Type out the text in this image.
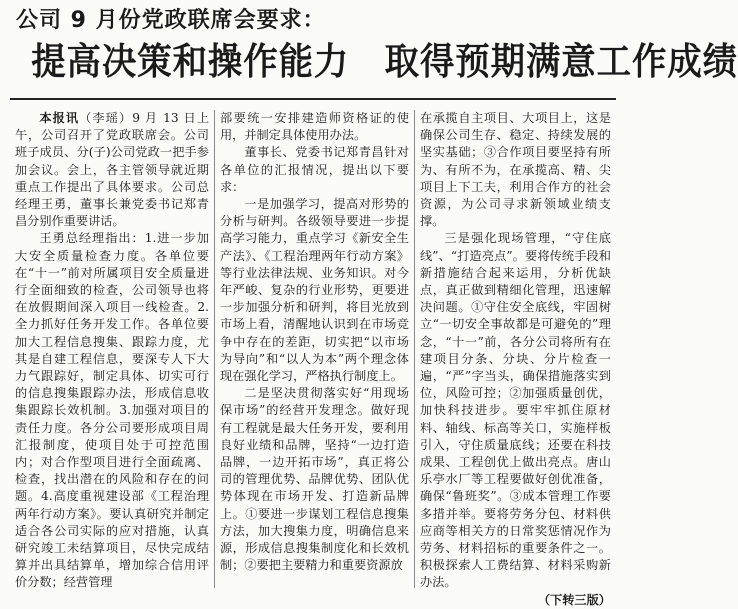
公司 9 月份党政联席会要求：
提高决策和操作能力　取得预期满意工作成绩

本报讯（李瑶）9 月 13 日上午，公司召开了党政联席会。公司班子成员、分(子)公司党政一把手参加会议。会上，各主管领导就近期重点工作提出了具体要求。公司总经理王勇，董事长兼党委书记郑青昌分别作重要讲话。

王勇总经理指出：1.进一步加大安全质量检查力度。各单位要在“十一”前对所属项目安全质量进行全面细致的检查，公司领导也将在放假期间深入项目一线检查。2.全力抓好任务开发工作。各单位要加大工程信息搜集、跟踪力度，尤其是自建工程信息，要深专人下大力气跟踪好，制定具体、切实可行的信息搜集跟踪办法，形成信息收集跟踪长效机制。3.加强对项目的责任力度。各分公司要形成项目周汇报制度，使项目处于可控范围内；对合作型项目进行全面疏离、检查，找出潜在的风险和存在的问题。4.高度重视建设部《工程治理两年行动方案》。要认真研究并制定适合各公司实际的应对措施，认真研究竣工未结算项目，尽快完成结算并出具结算单，增加综合信用评价分数；经营管理

部要统一安排建造师资格证的使用，并制定具体使用办法。

董事长、党委书记郑青昌针对各单位的汇报情况，提出以下要求：

一是加强学习，提高对形势的分析与研判。各级领导要进一步提高学习能力，重点学习《新安全生产法》、《工程治理两年行动方案》等行业法律法规、业务知识。对今年严峻、复杂的行业形势，更要进一步加强分析和研判，将目光放到市场上看，清醒地认识到在市场竞争中存在的差距，切实把“以市场为导向”和“以人为本”两个理念体现在强化学习，严格执行制度上。

二是坚决贯彻落实好“用现场保市场”的经营开发理念。做好现有工程就是最大任务开发，要利用良好业绩和品牌，坚持“一边打造品牌，一边开拓市场”，真正将公司的管理优势、品牌优势、团队优势体现在市场开发、打造新品牌上。①要进一步谋划工程信息搜集方法，加大搜集力度，明确信息来源，形成信息搜集制度化和长效机制；②要把主要精力和重要资源放

在承揽自主项目、大项目上，这是确保公司生存、稳定、持续发展的坚实基础；③合作项目要坚持有所为、有所不为，在承揽高、精、尖项目上下工夫，利用合作方的社会资源，为公司寻求新领域业绩支撑。

三是强化现场管理，“守住底线”、“打造亮点”。要将传统手段和新措施结合起来运用，分析优缺点，真正做到精细化管理，迅速解决问题。①守住安全底线，牢固树立“一切安全事故都是可避免的”理念，“十一”前，各分公司将所有在建项目分条、分块、分片检查一遍，“严”字当头，确保措施落实到位，风险可控；②加强质量创优，加快科技进步。要牢牢抓住原材料、轴线、标高等关口，实施样板引入，守住质量底线；还要在科技成果、工程创优上做出亮点。唐山乐亭水厂等工程要做好创优准备，确保“鲁班奖”。③成本管理工作要多措并举。要将劳务分包、材料供应商等相关方的日常奖惩情况作为劳务、材料招标的重要条件之一。积极探索人工费结算、材料采购新办法。

（下转三版）
